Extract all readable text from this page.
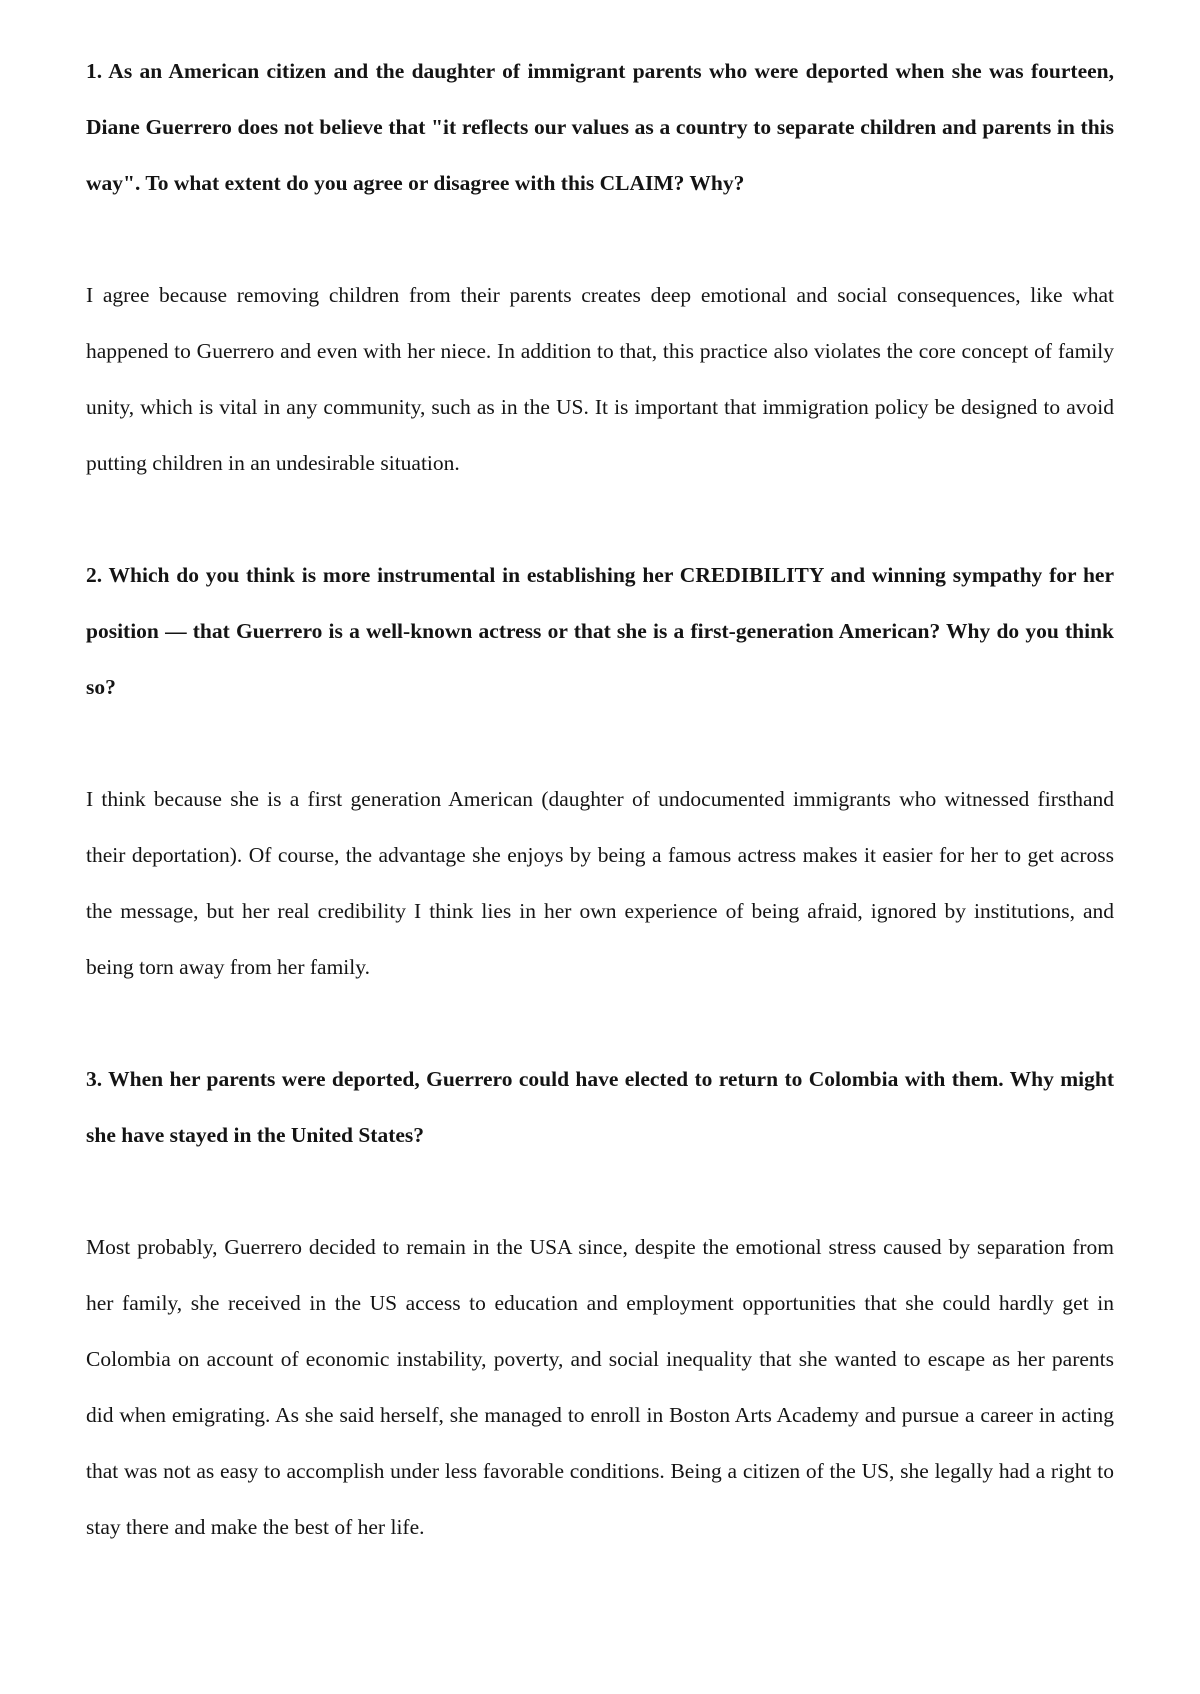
1. As an American citizen and the daughter of immigrant parents who were deported when she was fourteen, Diane Guerrero does not believe that "it reflects our values as a country to separate children and parents in this way". To what extent do you agree or disagree with this CLAIM? Why?

I agree because removing children from their parents creates deep emotional and social consequences, like what happened to Guerrero and even with her niece. In addition to that, this practice also violates the core concept of family unity, which is vital in any community, such as in the US. It is important that immigration policy be designed to avoid putting children in an undesirable situation.

2. Which do you think is more instrumental in establishing her CREDIBILITY and winning sympathy for her position — that Guerrero is a well-known actress or that she is a first-generation American? Why do you think so?

I think because she is a first generation American (daughter of undocumented immigrants who witnessed firsthand their deportation). Of course, the advantage she enjoys by being a famous actress makes it easier for her to get across the message, but her real credibility I think lies in her own experience of being afraid, ignored by institutions, and being torn away from her family.

3. When her parents were deported, Guerrero could have elected to return to Colombia with them. Why might she have stayed in the United States?

Most probably, Guerrero decided to remain in the USA since, despite the emotional stress caused by separation from her family, she received in the US access to education and employment opportunities that she could hardly get in Colombia on account of economic instability, poverty, and social inequality that she wanted to escape as her parents did when emigrating. As she said herself, she managed to enroll in Boston Arts Academy and pursue a career in acting that was not as easy to accomplish under less favorable conditions. Being a citizen of the US, she legally had a right to stay there and make the best of her life.
